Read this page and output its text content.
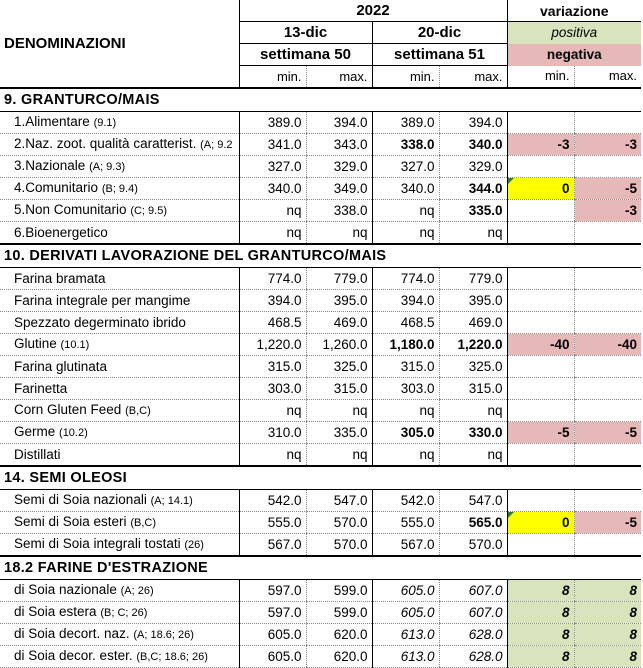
DENOMINAZIONI	2022				variazione	
	13-dic		20-dic		positiva	
	settimana 50		settimana 51		negativa	
	min.	max.	min.	max.	min.	max.
9. GRANTURCO/MAIS						
1.Alimentare (9.1)	389.0	394.0	389.0	394.0		
2.Naz. zoot. qualità caratterist. (A; 9.2	341.0	343.0	338.0	340.0	-3	-3
3.Nazionale (A; 9.3)	327.0	329.0	327.0	329.0		
4.Comunitario (B; 9.4)	340.0	349.0	340.0	344.0	0	-5
5.Non Comunitario (C; 9.5)	nq	338.0	nq	335.0		-3
6.Bioenergetico	nq	nq	nq	nq		
10. DERIVATI LAVORAZIONE DEL GRANTURCO/MAIS						
Farina bramata	774.0	779.0	774.0	779.0		
Farina integrale per mangime	394.0	395.0	394.0	395.0		
Spezzato degerminato ibrido	468.5	469.0	468.5	469.0		
Glutine (10.1)	1,220.0	1,260.0	1,180.0	1,220.0	-40	-40
Farina glutinata	315.0	325.0	315.0	325.0		
Farinetta	303.0	315.0	303.0	315.0		
Corn Gluten Feed (B,C)	nq	nq	nq	nq		
Germe (10.2)	310.0	335.0	305.0	330.0	-5	-5
Distillati	nq	nq	nq	nq		
14. SEMI OLEOSI						
Semi di Soia nazionali (A; 14.1)	542.0	547.0	542.0	547.0		
Semi di Soia esteri (B,C)	555.0	570.0	555.0	565.0	0	-5
Semi di Soia integrali tostati (26)	567.0	570.0	567.0	570.0		
18.2 FARINE D'ESTRAZIONE						
di Soia nazionale (A; 26)	597.0	599.0	605.0	607.0	8	8
di Soia estera (B; C; 26)	597.0	599.0	605.0	607.0	8	8
di Soia decort. naz. (A; 18.6; 26)	605.0	620.0	613.0	628.0	8	8
di Soia decor. ester. (B,C; 18.6; 26)	605.0	620.0	613.0	628.0	8	8
